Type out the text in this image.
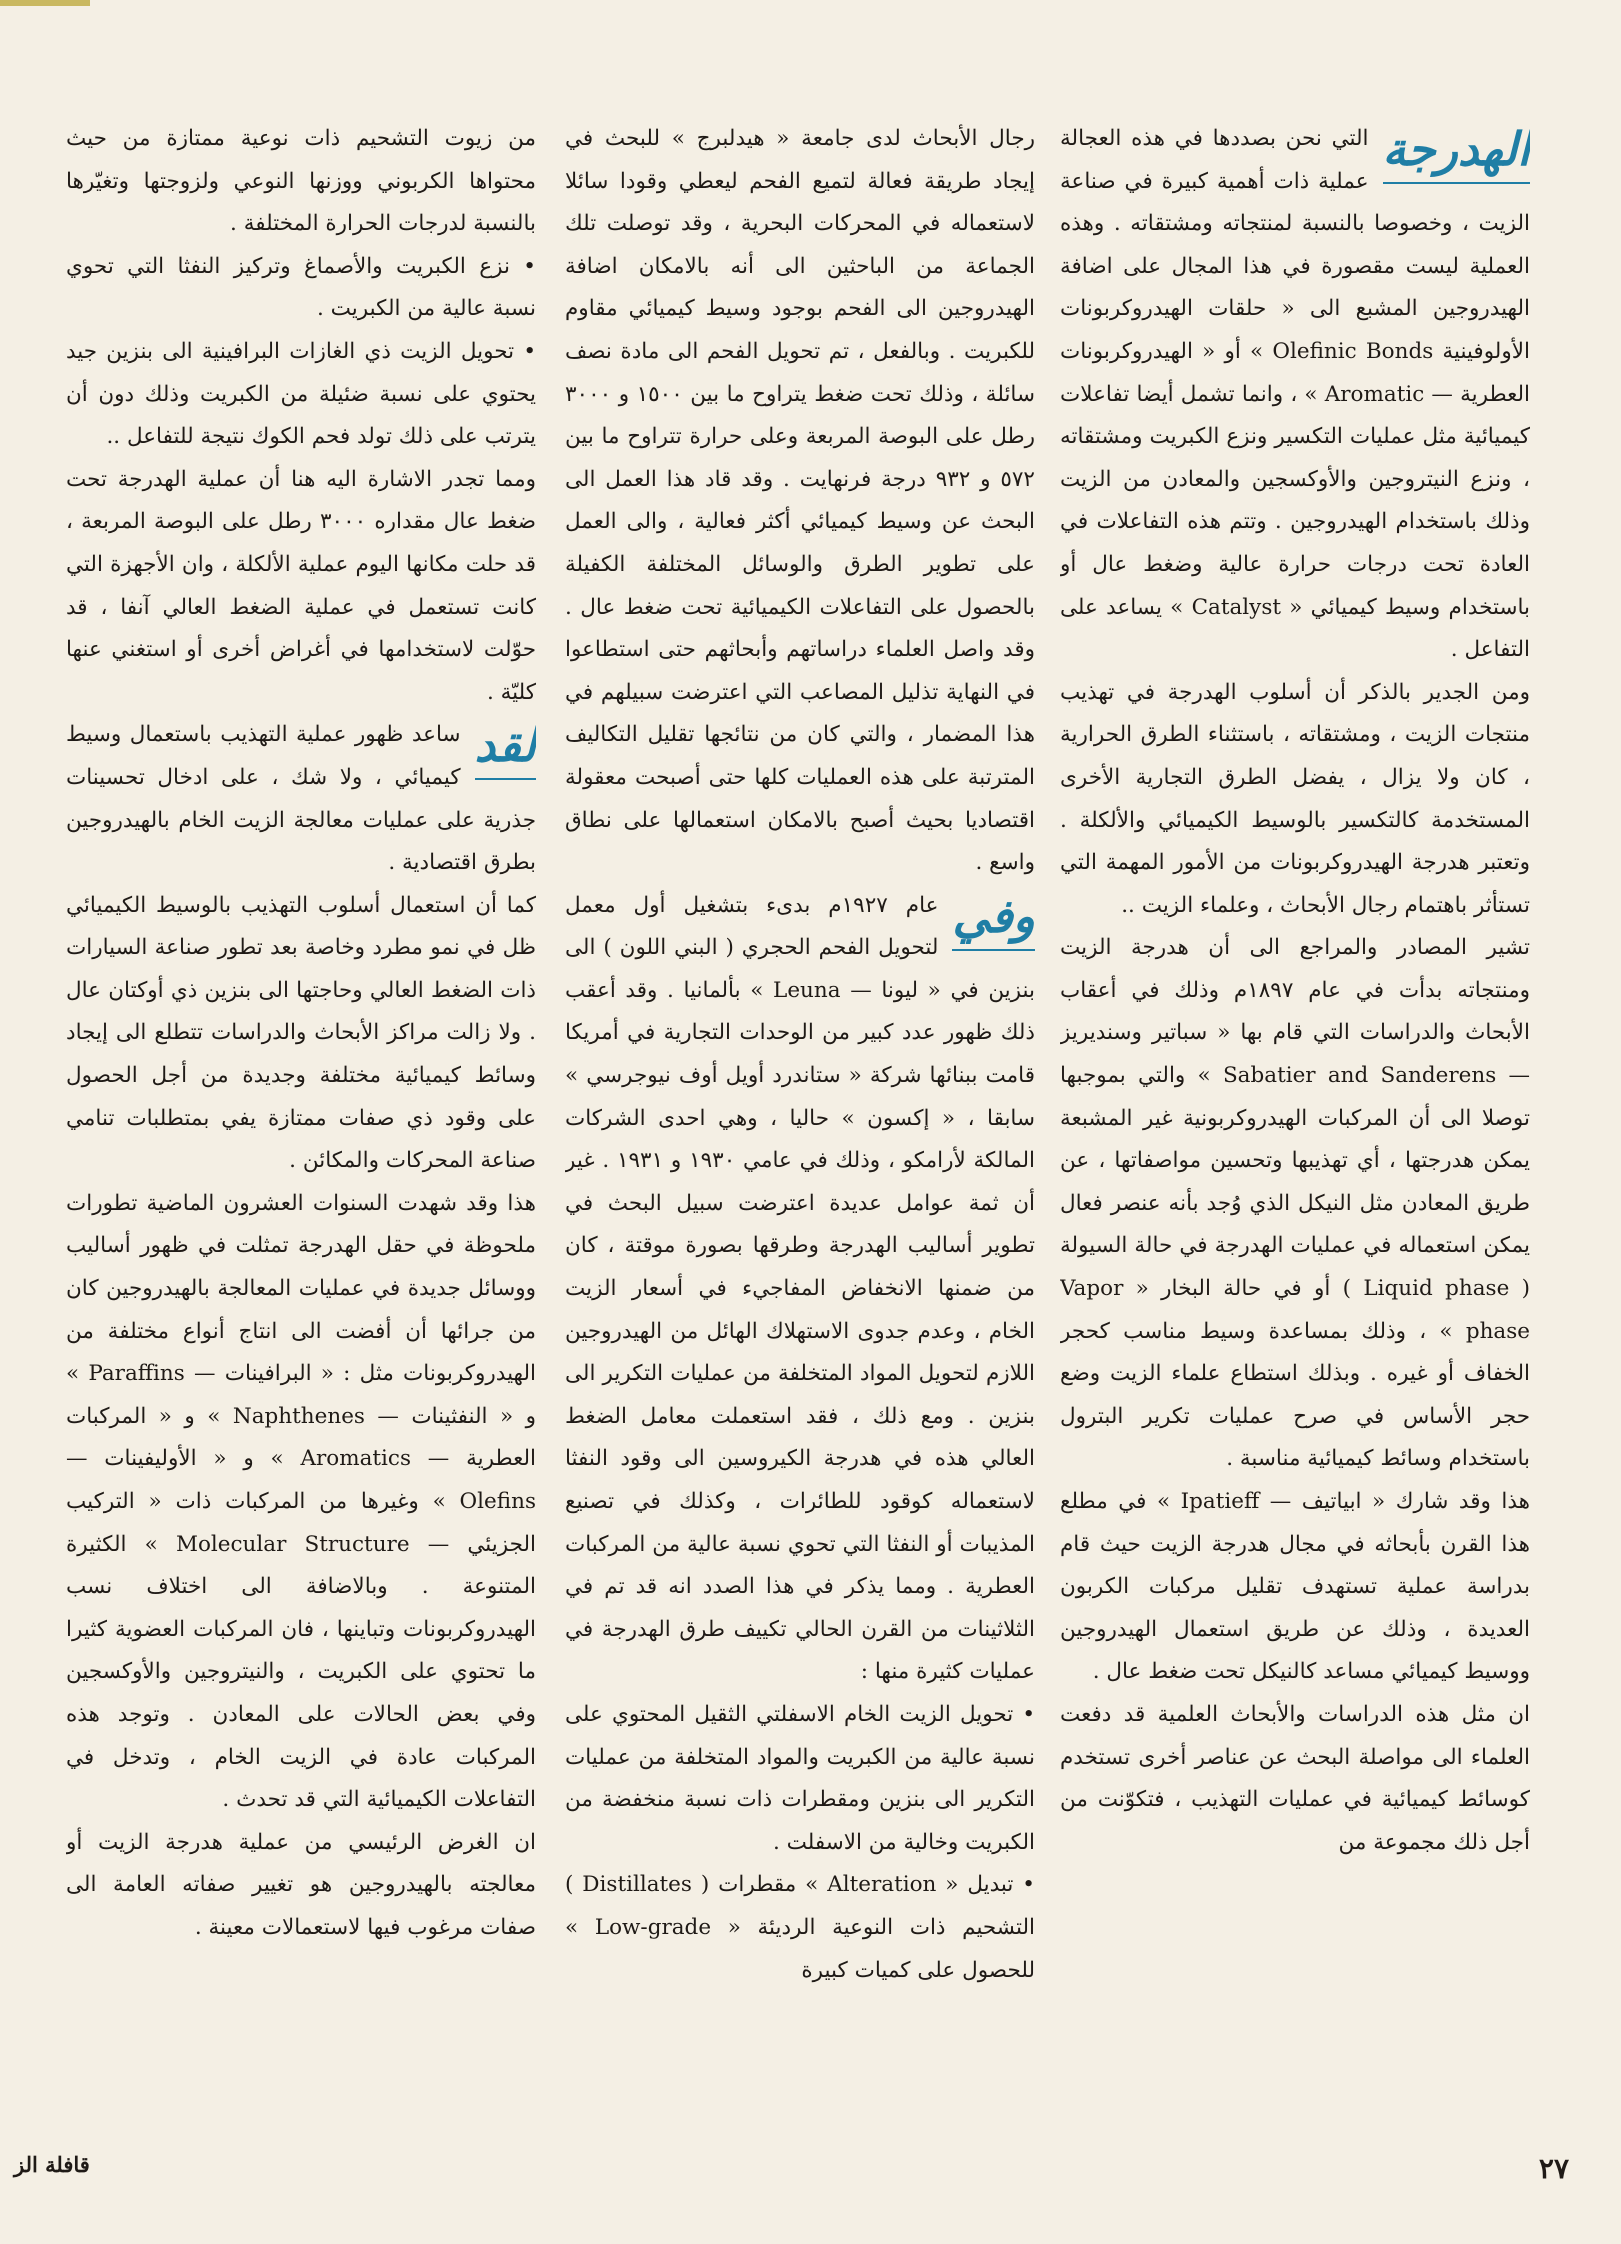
الهدرجة

التي نحن بصددها في هذه العجالة عملية ذات أهمية كبيرة في صناعة الزيت ، وخصوصا بالنسبة لمنتجاته ومشتقاته . وهذه العملية ليست مقصورة في هذا المجال على اضافة الهيدروجين المشبع الى « حلقات الهيدروكربونات الأولوفينية Olefinic Bonds » أو « الهيدروكربونات العطرية — Aromatic » ، وانما تشمل أيضا تفاعلات كيميائية مثل عمليات التكسير ونزع الكبريت ومشتقاته ، ونزع النيتروجين والأوكسجين والمعادن من الزيت وذلك باستخدام الهيدروجين . وتتم هذه التفاعلات في العادة تحت درجات حرارة عالية وضغط عال أو باستخدام وسيط كيميائي « Catalyst » يساعد على التفاعل .

ومن الجدير بالذكر أن أسلوب الهدرجة في تهذيب منتجات الزيت ، ومشتقاته ، باستثناء الطرق الحرارية ، كان ولا يزال ، يفضل الطرق التجارية الأخرى المستخدمة كالتكسير بالوسيط الكيميائي والألكلة . وتعتبر هدرجة الهيدروكربونات من الأمور المهمة التي تستأثر باهتمام رجال الأبحاث ، وعلماء الزيت ..

تشير المصادر والمراجع الى أن هدرجة الزيت ومنتجاته بدأت في عام ١٨٩٧م وذلك في أعقاب الأبحاث والدراسات التي قام بها « سباتير وسنديريز — Sabatier and Sanderens » والتي بموجبها توصلا الى أن المركبات الهيدروكربونية غير المشبعة يمكن هدرجتها ، أي تهذيبها وتحسين مواصفاتها ، عن طريق المعادن مثل النيكل الذي وُجد بأنه عنصر فعال يمكن استعماله في عمليات الهدرجة في حالة السيولة ( Liquid phase ) أو في حالة البخار « Vapor phase » ، وذلك بمساعدة وسيط مناسب كحجر الخفاف أو غيره . وبذلك استطاع علماء الزيت وضع حجر الأساس في صرح عمليات تكرير البترول باستخدام وسائط كيميائية مناسبة .

هذا وقد شارك « ابياتيف — Ipatieff » في مطلع هذا القرن بأبحاثه في مجال هدرجة الزيت حيث قام بدراسة عملية تستهدف تقليل مركبات الكربون العديدة ، وذلك عن طريق استعمال الهيدروجين ووسيط كيميائي مساعد كالنيكل تحت ضغط عال .

ان مثل هذه الدراسات والأبحاث العلمية قد دفعت العلماء الى مواصلة البحث عن عناصر أخرى تستخدم كوسائط كيميائية في عمليات التهذيب ، فتكوّنت من أجل ذلك مجموعة من

رجال الأبحاث لدى جامعة « هيدلبرج » للبحث في إيجاد طريقة فعالة لتميع الفحم ليعطي وقودا سائلا لاستعماله في المحركات البحرية ، وقد توصلت تلك الجماعة من الباحثين الى أنه بالامكان اضافة الهيدروجين الى الفحم بوجود وسيط كيميائي مقاوم للكبريت . وبالفعل ، تم تحويل الفحم الى مادة نصف سائلة ، وذلك تحت ضغط يتراوح ما بين ١٥٠٠ و ٣٠٠٠ رطل على البوصة المربعة وعلى حرارة تتراوح ما بين ٥٧٢ و ٩٣٢ درجة فرنهايت . وقد قاد هذا العمل الى البحث عن وسيط كيميائي أكثر فعالية ، والى العمل على تطوير الطرق والوسائل المختلفة الكفيلة بالحصول على التفاعلات الكيميائية تحت ضغط عال . وقد واصل العلماء دراساتهم وأبحاثهم حتى استطاعوا في النهاية تذليل المصاعب التي اعترضت سبيلهم في هذا المضمار ، والتي كان من نتائجها تقليل التكاليف المترتبة على هذه العمليات كلها حتى أصبحت معقولة اقتصاديا بحيث أصبح بالامكان استعمالها على نطاق واسع .

وفي

عام ١٩٢٧م بدىء بتشغيل أول معمل لتحويل الفحم الحجري ( البني اللون ) الى بنزين في « ليونا — Leuna » بألمانيا . وقد أعقب ذلك ظهور عدد كبير من الوحدات التجارية في أمريكا قامت ببنائها شركة « ستاندرد أويل أوف نيوجرسي » سابقا ، « إكسون » حاليا ، وهي احدى الشركات المالكة لأرامكو ، وذلك في عامي ١٩٣٠ و ١٩٣١ . غير أن ثمة عوامل عديدة اعترضت سبيل البحث في تطوير أساليب الهدرجة وطرقها بصورة موقتة ، كان من ضمنها الانخفاض المفاجيء في أسعار الزيت الخام ، وعدم جدوى الاستهلاك الهائل من الهيدروجين اللازم لتحويل المواد المتخلفة من عمليات التكرير الى بنزين . ومع ذلك ، فقد استعملت معامل الضغط العالي هذه في هدرجة الكيروسين الى وقود النفثا لاستعماله كوقود للطائرات ، وكذلك في تصنيع المذيبات أو النفثا التي تحوي نسبة عالية من المركبات العطرية . ومما يذكر في هذا الصدد انه قد تم في الثلاثينات من القرن الحالي تكييف طرق الهدرجة في عمليات كثيرة منها :

• تحويل الزيت الخام الاسفلتي الثقيل المحتوي على نسبة عالية من الكبريت والمواد المتخلفة من عمليات التكرير الى بنزين ومقطرات ذات نسبة منخفضة من الكبريت وخالية من الاسفلت .

• تبديل « Alteration » مقطرات ( Distillates ) التشحيم ذات النوعية الرديئة « Low-grade » للحصول على كميات كبيرة

من زيوت التشحيم ذات نوعية ممتازة من حيث محتواها الكربوني ووزنها النوعي ولزوجتها وتغيّرها بالنسبة لدرجات الحرارة المختلفة .

• نزع الكبريت والأصماغ وتركيز النفثا التي تحوي نسبة عالية من الكبريت .

• تحويل الزيت ذي الغازات البرافينية الى بنزين جيد يحتوي على نسبة ضئيلة من الكبريت وذلك دون أن يترتب على ذلك تولد فحم الكوك نتيجة للتفاعل ..

ومما تجدر الاشارة اليه هنا أن عملية الهدرجة تحت ضغط عال مقداره ٣٠٠٠ رطل على البوصة المربعة ، قد حلت مكانها اليوم عملية الألكلة ، وان الأجهزة التي كانت تستعمل في عملية الضغط العالي آنفا ، قد حوّلت لاستخدامها في أغراض أخرى أو استغني عنها كليّة .

لقد

ساعد ظهور عملية التهذيب باستعمال وسيط كيميائي ، ولا شك ، على ادخال تحسينات جذرية على عمليات معالجة الزيت الخام بالهيدروجين بطرق اقتصادية .

كما أن استعمال أسلوب التهذيب بالوسيط الكيميائي ظل في نمو مطرد وخاصة بعد تطور صناعة السيارات ذات الضغط العالي وحاجتها الى بنزين ذي أوكتان عال . ولا زالت مراكز الأبحاث والدراسات تتطلع الى إيجاد وسائط كيميائية مختلفة وجديدة من أجل الحصول على وقود ذي صفات ممتازة يفي بمتطلبات تنامي صناعة المحركات والمكائن .

هذا وقد شهدت السنوات العشرون الماضية تطورات ملحوظة في حقل الهدرجة تمثلت في ظهور أساليب ووسائل جديدة في عمليات المعالجة بالهيدروجين كان من جرائها أن أفضت الى انتاج أنواع مختلفة من الهيدروكربونات مثل : « البرافينات — Paraffins » و « النفثينات — Naphthenes » و « المركبات العطرية — Aromatics » و « الأوليفينات — Olefins » وغيرها من المركبات ذات « التركيب الجزيئي — Molecular Structure » الكثيرة المتنوعة . وبالاضافة الى اختلاف نسب الهيدروكربونات وتباينها ، فان المركبات العضوية كثيرا ما تحتوي على الكبريت ، والنيتروجين والأوكسجين وفي بعض الحالات على المعادن . وتوجد هذه المركبات عادة في الزيت الخام ، وتدخل في التفاعلات الكيميائية التي قد تحدث .

ان الغرض الرئيسي من عملية هدرجة الزيت أو معالجته بالهيدروجين هو تغيير صفاته العامة الى صفات مرغوب فيها لاستعمالات معينة .

٢٧
قافلة الز
